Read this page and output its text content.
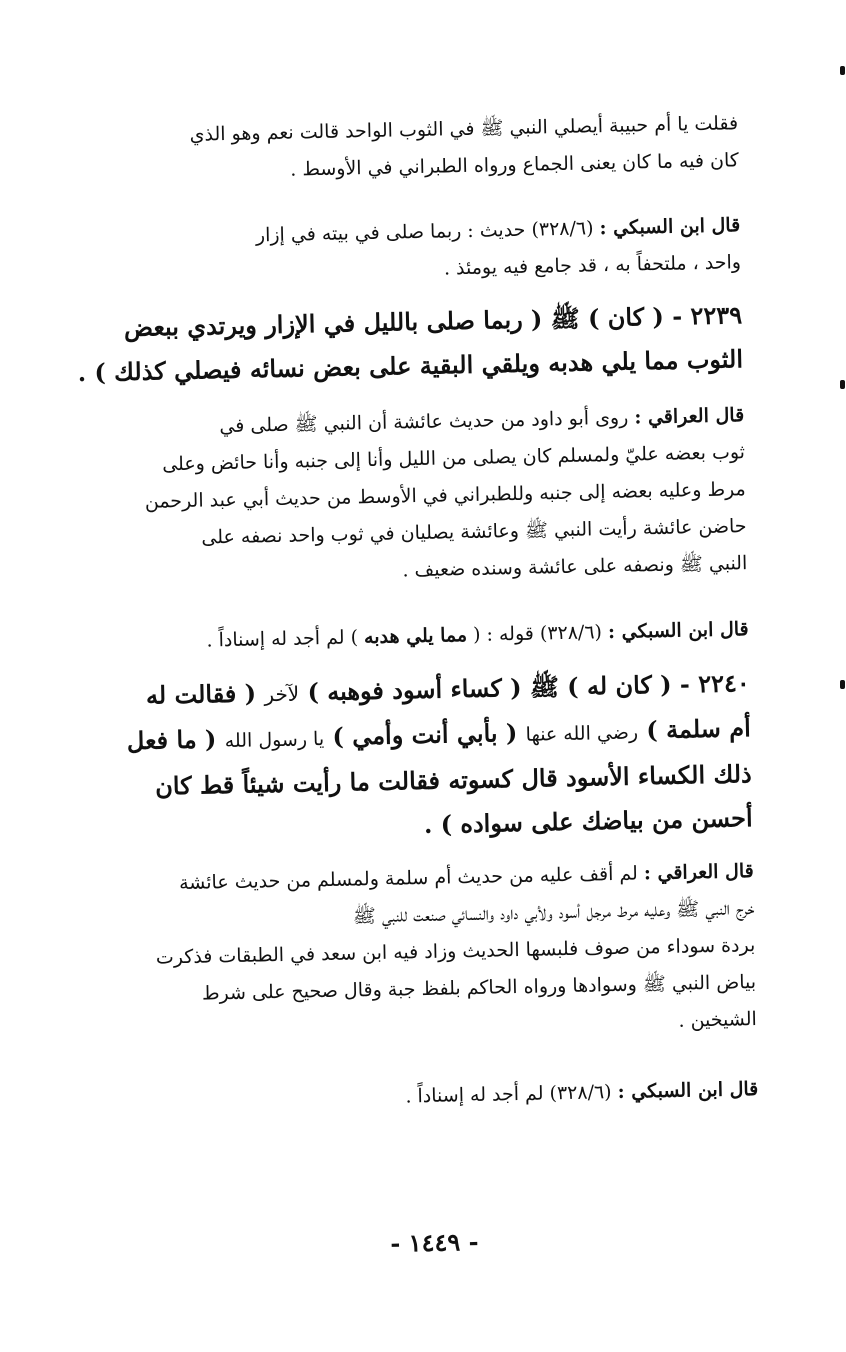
فقلت يا أم حبيبة أيصلي النبي ﷺ في الثوب الواحد قالت نعم وهو الذي
كان فيه ما كان يعنى الجماع ورواه الطبراني في الأوسط .
قال ابن السبكي : (٣٢٨/٦) حديث : ربما صلى في بيته في إزار
واحد ، ملتحفاً به ، قد جامع فيه يومئذ .
٢٢٣٩ - ( كان ) ﷺ ( ربما صلى بالليل في الإزار ويرتدي ببعض
الثوب مما يلي هدبه ويلقي البقية على بعض نسائه فيصلي كذلك ) .
قال العراقي : روى أبو داود من حديث عائشة أن النبي ﷺ صلى في
ثوب بعضه عليّ ولمسلم كان يصلى من الليل وأنا إلى جنبه وأنا حائض وعلى
مرط وعليه بعضه إلى جنبه وللطبراني في الأوسط من حديث أبي عبد الرحمن
حاضن عائشة رأيت النبي ﷺ وعائشة يصليان في ثوب واحد نصفه على
النبي ﷺ ونصفه على عائشة وسنده ضعيف .
قال ابن السبكي : (٣٢٨/٦) قوله : ( مما يلي هدبه ) لم أجد له إسناداً .
٢٢٤٠ - ( كان له ) ﷺ ( كساء أسود فوهبه ) لآخر ( فقالت له
أم سلمة ) رضي الله عنها ( بأبي أنت وأمي ) يا رسول الله ( ما فعل
ذلك الكساء الأسود قال كسوته فقالت ما رأيت شيئاً قط كان
أحسن من بياضك على سواده ) .
قال العراقي : لم أقف عليه من حديث أم سلمة ولمسلم من حديث عائشة
خرج النبي ﷺ وعليه مرط مرجل أسود ولأبي داود والنسائي صنعت للنبي ﷺ
بردة سوداء من صوف فلبسها الحديث وزاد فيه ابن سعد في الطبقات فذكرت
بياض النبي ﷺ وسوادها ورواه الحاكم بلفظ جبة وقال صحيح على شرط
الشيخين .
قال ابن السبكي : (٣٢٨/٦) لم أجد له إسناداً .
- ١٤٤٩ -
